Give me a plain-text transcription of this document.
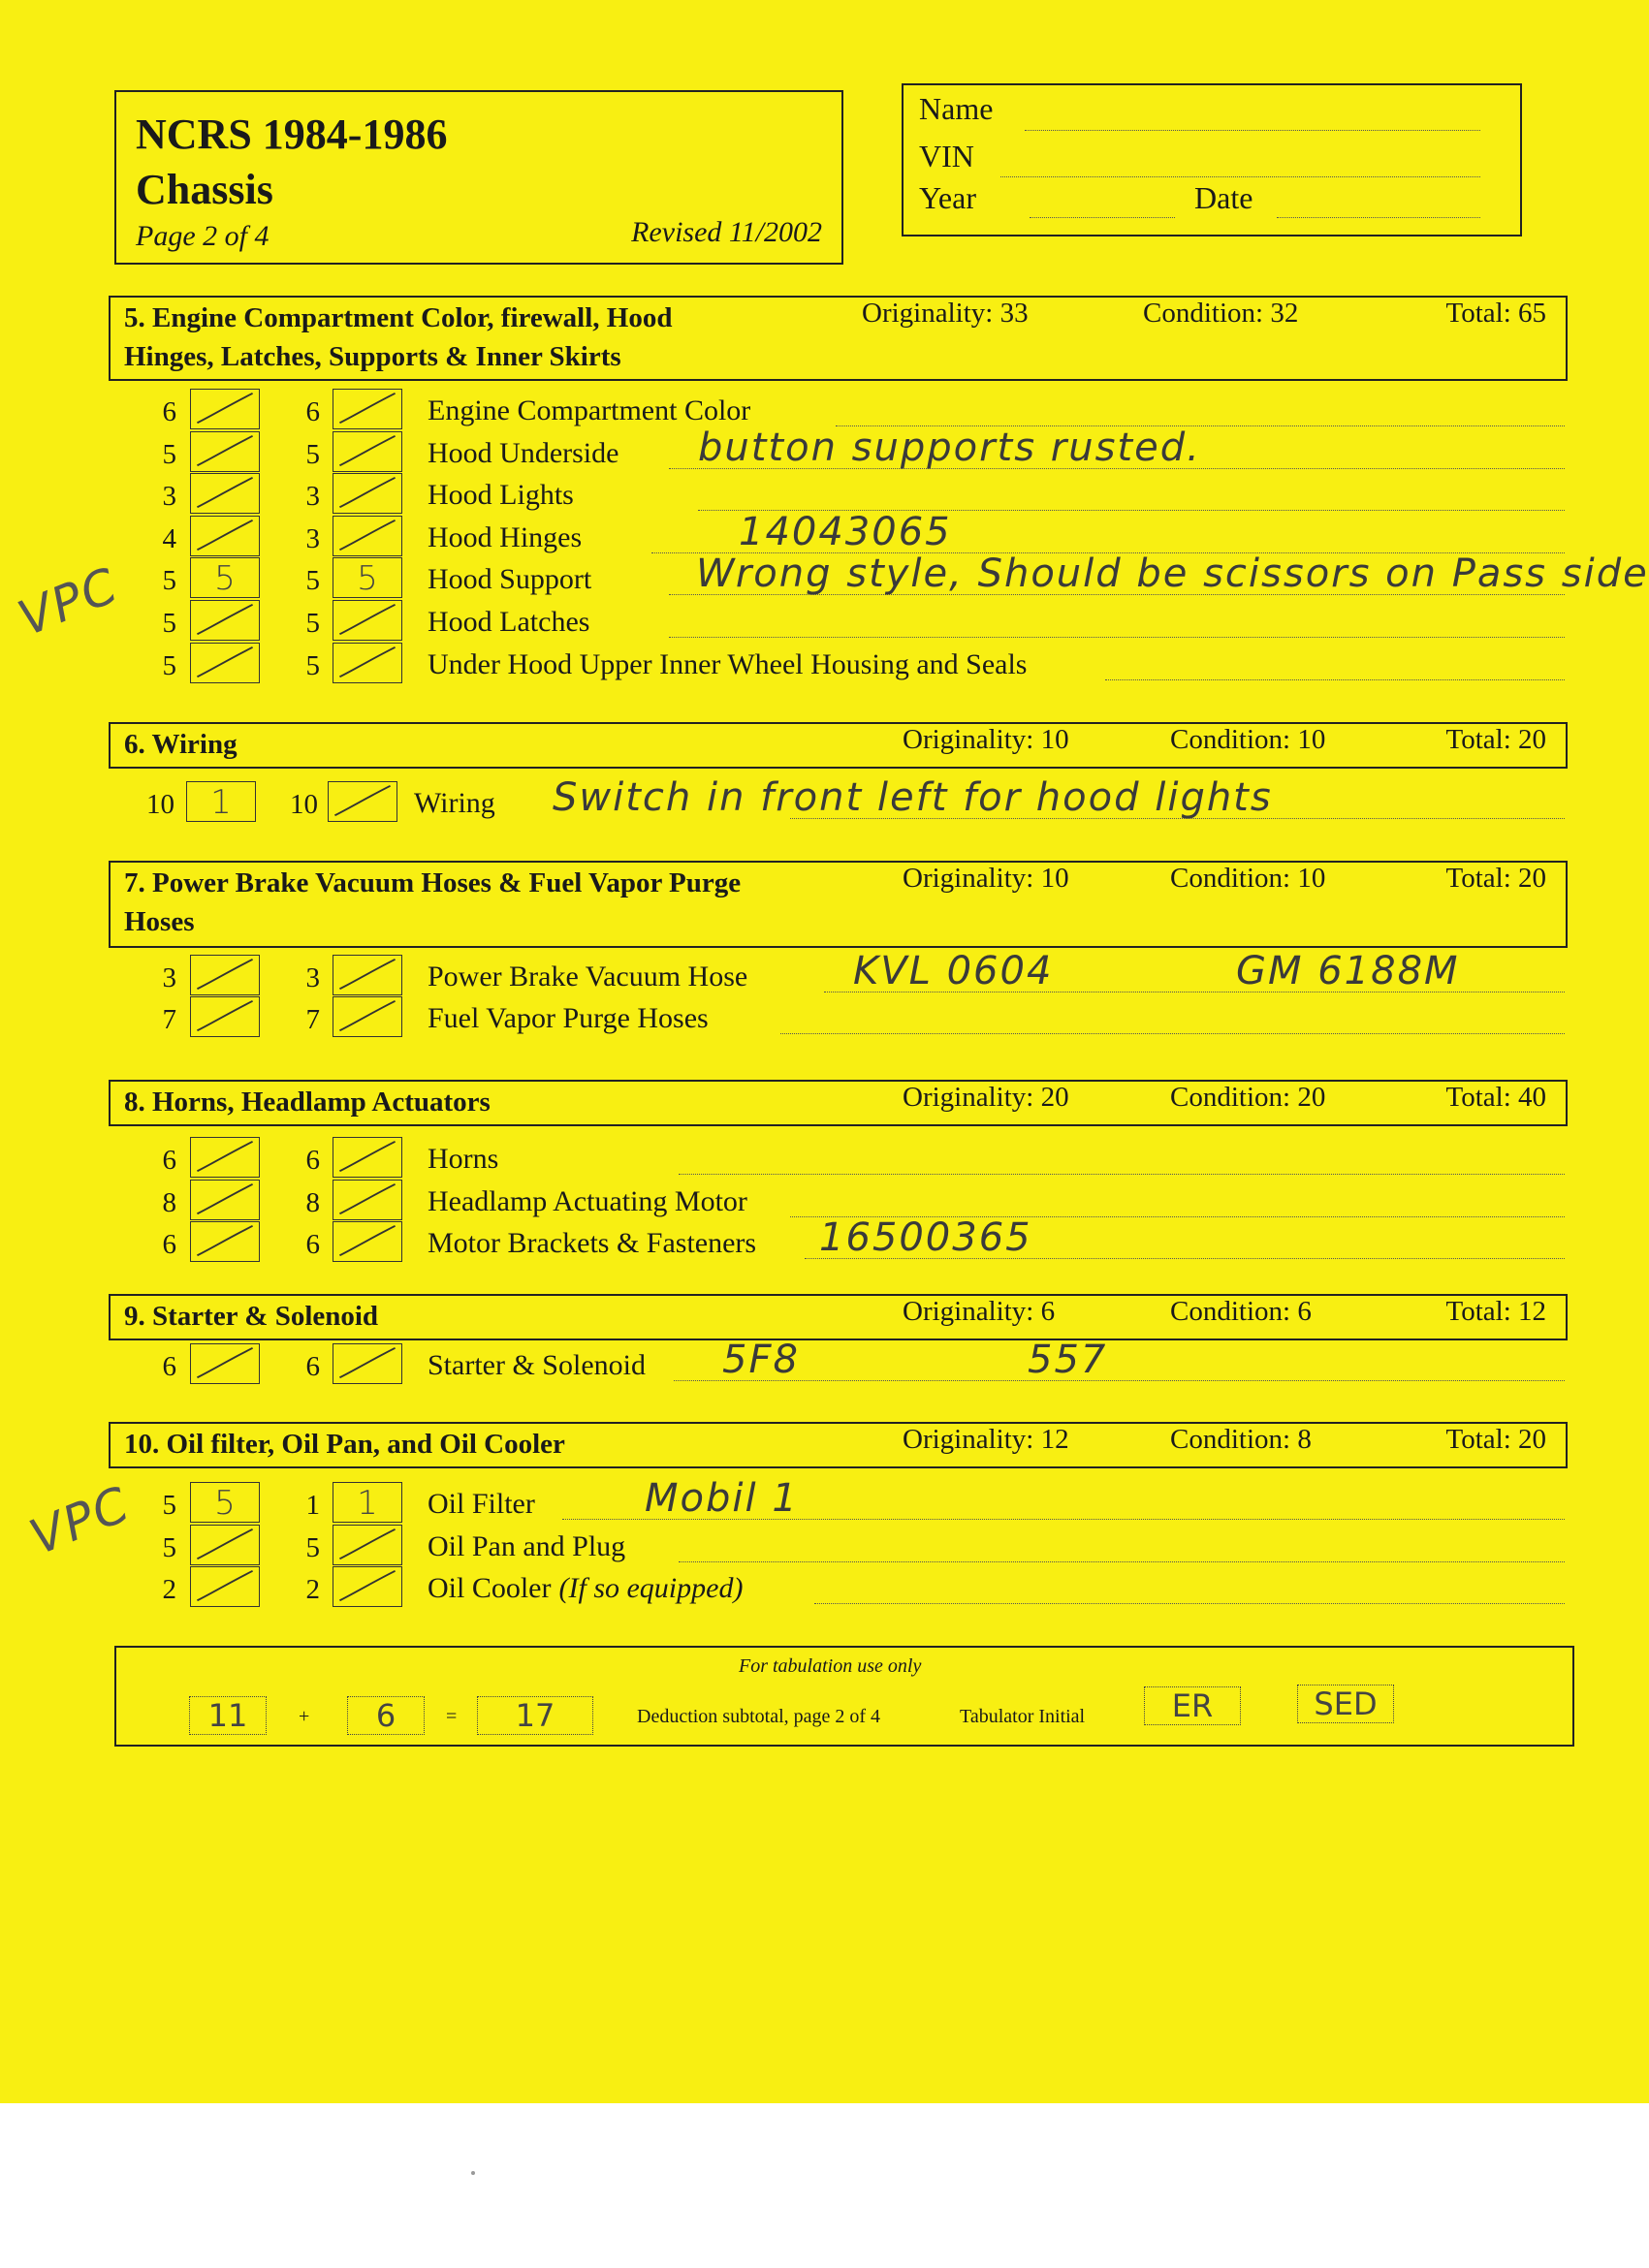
NCRS 1984-1986
Chassis
Page 2 of 4	Revised 11/2002
Name
VIN
Year	Date
5. Engine Compartment Color, firewall, Hood
Hinges, Latches, Supports & Inner Skirts
Originality: 33	Condition: 32	Total: 65
6	6	Engine Compartment Color
5	5	Hood Underside button supports rusted.
3	3	Hood Lights
4	3	Hood Hinges	14043065
5	5	5	5	Hood Support	Wrong style, Should be scissors on Pass side
5	5	Hood Latches
5	5	Under Hood Upper Inner Wheel Housing and Seals
6. Wiring	Originality: 10	Condition: 10	Total: 20
10	1	10	Wiring Switch in front left for hood lights
7. Power Brake Vacuum Hoses & Fuel Vapor Purge
Hoses
Originality: 10	Condition: 10	Total: 20
3	3	Power Brake Vacuum Hose	KVL 0604	GM 6188M
7	7	Fuel Vapor Purge Hoses
8. Horns, Headlamp Actuators	Originality: 20	Condition: 20	Total: 40
6	6	Horns
8	8	Headlamp Actuating Motor
6	6	Motor Brackets & Fasteners 16500365
9. Starter & Solenoid	Originality: 6	Condition: 6	Total: 12
6	6	Starter & Solenoid 5F8	557
10. Oil filter, Oil Pan, and Oil Cooler	Originality: 12	Condition: 8	Total: 20
5	5	1	1	Oil Filter	Mobil 1
5	5	Oil Pan and Plug
2	2	Oil Cooler (If so equipped)
VPC
VPC
For tabulation use only
11	+	6	=	17	Deduction subtotal, page 2 of 4	Tabulator Initial	ER	SED
